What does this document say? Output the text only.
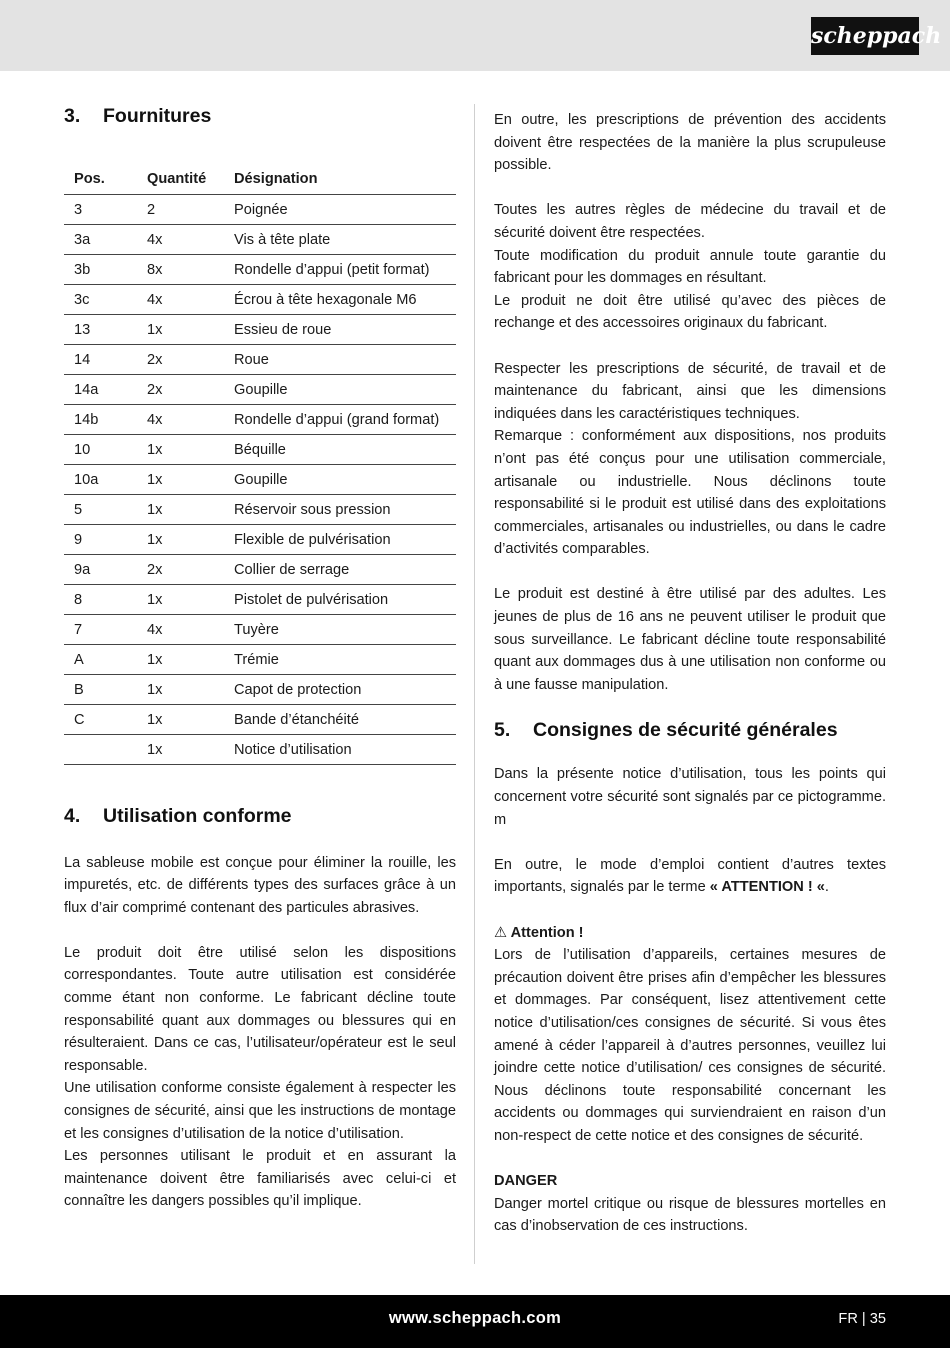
scheppach
3.	Fournitures
Pos.	Quantité	Désignation
3	2	Poignée
3a	4x	Vis à tête plate
3b	8x	Rondelle d’appui (petit format)
3c	4x	Écrou à tête hexagonale M6
13	1x	Essieu de roue
14	2x	Roue
14a	2x	Goupille
14b	4x	Rondelle d’appui (grand format)
10	1x	Béquille
10a	1x	Goupille
5	1x	Réservoir sous pression
9	1x	Flexible de pulvérisation
9a	2x	Collier de serrage
8	1x	Pistolet de pulvérisation
7	4x	Tuyère
A	1x	Trémie
B	1x	Capot de protection
C	1x	Bande d’étanchéité
	1x	Notice d’utilisation
4.	Utilisation conforme

La sableuse mobile est conçue pour éliminer la rouille, les impuretés, etc. de différents types des surfaces grâce à un flux d’air comprimé contenant des particules abrasives.

Le produit doit être utilisé selon les dispositions correspondantes. Toute autre utilisation est considérée comme étant non conforme. Le fabricant décline toute responsabilité quant aux dommages ou blessures qui en résulteraient. Dans ce cas, l’utilisateur/opérateur est le seul responsable.

Une utilisation conforme consiste également à respecter les consignes de sécurité, ainsi que les instructions de montage et les consignes d’utilisation de la notice d’utilisation.

Les personnes utilisant le produit et en assurant la maintenance doivent être familiarisés avec celui-ci et connaître les dangers possibles qu’il implique.

En outre, les prescriptions de prévention des accidents doivent être respectées de la manière la plus scrupuleuse possible.

Toutes les autres règles de médecine du travail et de sécurité doivent être respectées.

Toute modification du produit annule toute garantie du fabricant pour les dommages en résultant.

Le produit ne doit être utilisé qu’avec des pièces de rechange et des accessoires originaux du fabricant.

Respecter les prescriptions de sécurité, de travail et de maintenance du fabricant, ainsi que les dimensions indiquées dans les caractéristiques techniques.

Remarque : conformément aux dispositions, nos produits n’ont pas été conçus pour une utilisation commerciale, artisanale ou industrielle. Nous déclinons toute responsabilité si le produit est utilisé dans des exploitations commerciales, artisanales ou industrielles, ou dans le cadre d’activités comparables.

Le produit est destiné à être utilisé par des adultes. Les jeunes de plus de 16 ans ne peuvent utiliser le produit que sous surveillance. Le fabricant décline toute responsabilité quant aux dommages dus à une utilisation non conforme ou à une fausse manipulation.

5.	Consignes de sécurité générales

Dans la présente notice d’utilisation, tous les points qui concernent votre sécurité sont signalés par ce pictogramme. m

En outre, le mode d’emploi contient d’autres textes importants, signalés par le terme « ATTENTION ! «.

⚠ Attention !

Lors de l’utilisation d’appareils, certaines mesures de précaution doivent être prises afin d’empêcher les blessures et dommages. Par conséquent, lisez attentivement cette notice d’utilisation/ces consignes de sécurité. Si vous êtes amené à céder l’appareil à d’autres personnes, veuillez lui joindre cette notice d’utilisation/ ces consignes de sécurité. Nous déclinons toute responsabilité concernant les accidents ou dommages qui surviendraient en raison d’un non-respect de cette notice et des consignes de sécurité.

DANGER

Danger mortel critique ou risque de blessures mortelles en cas d’inobservation de ces instructions.

www.scheppach.com	FR | 35
